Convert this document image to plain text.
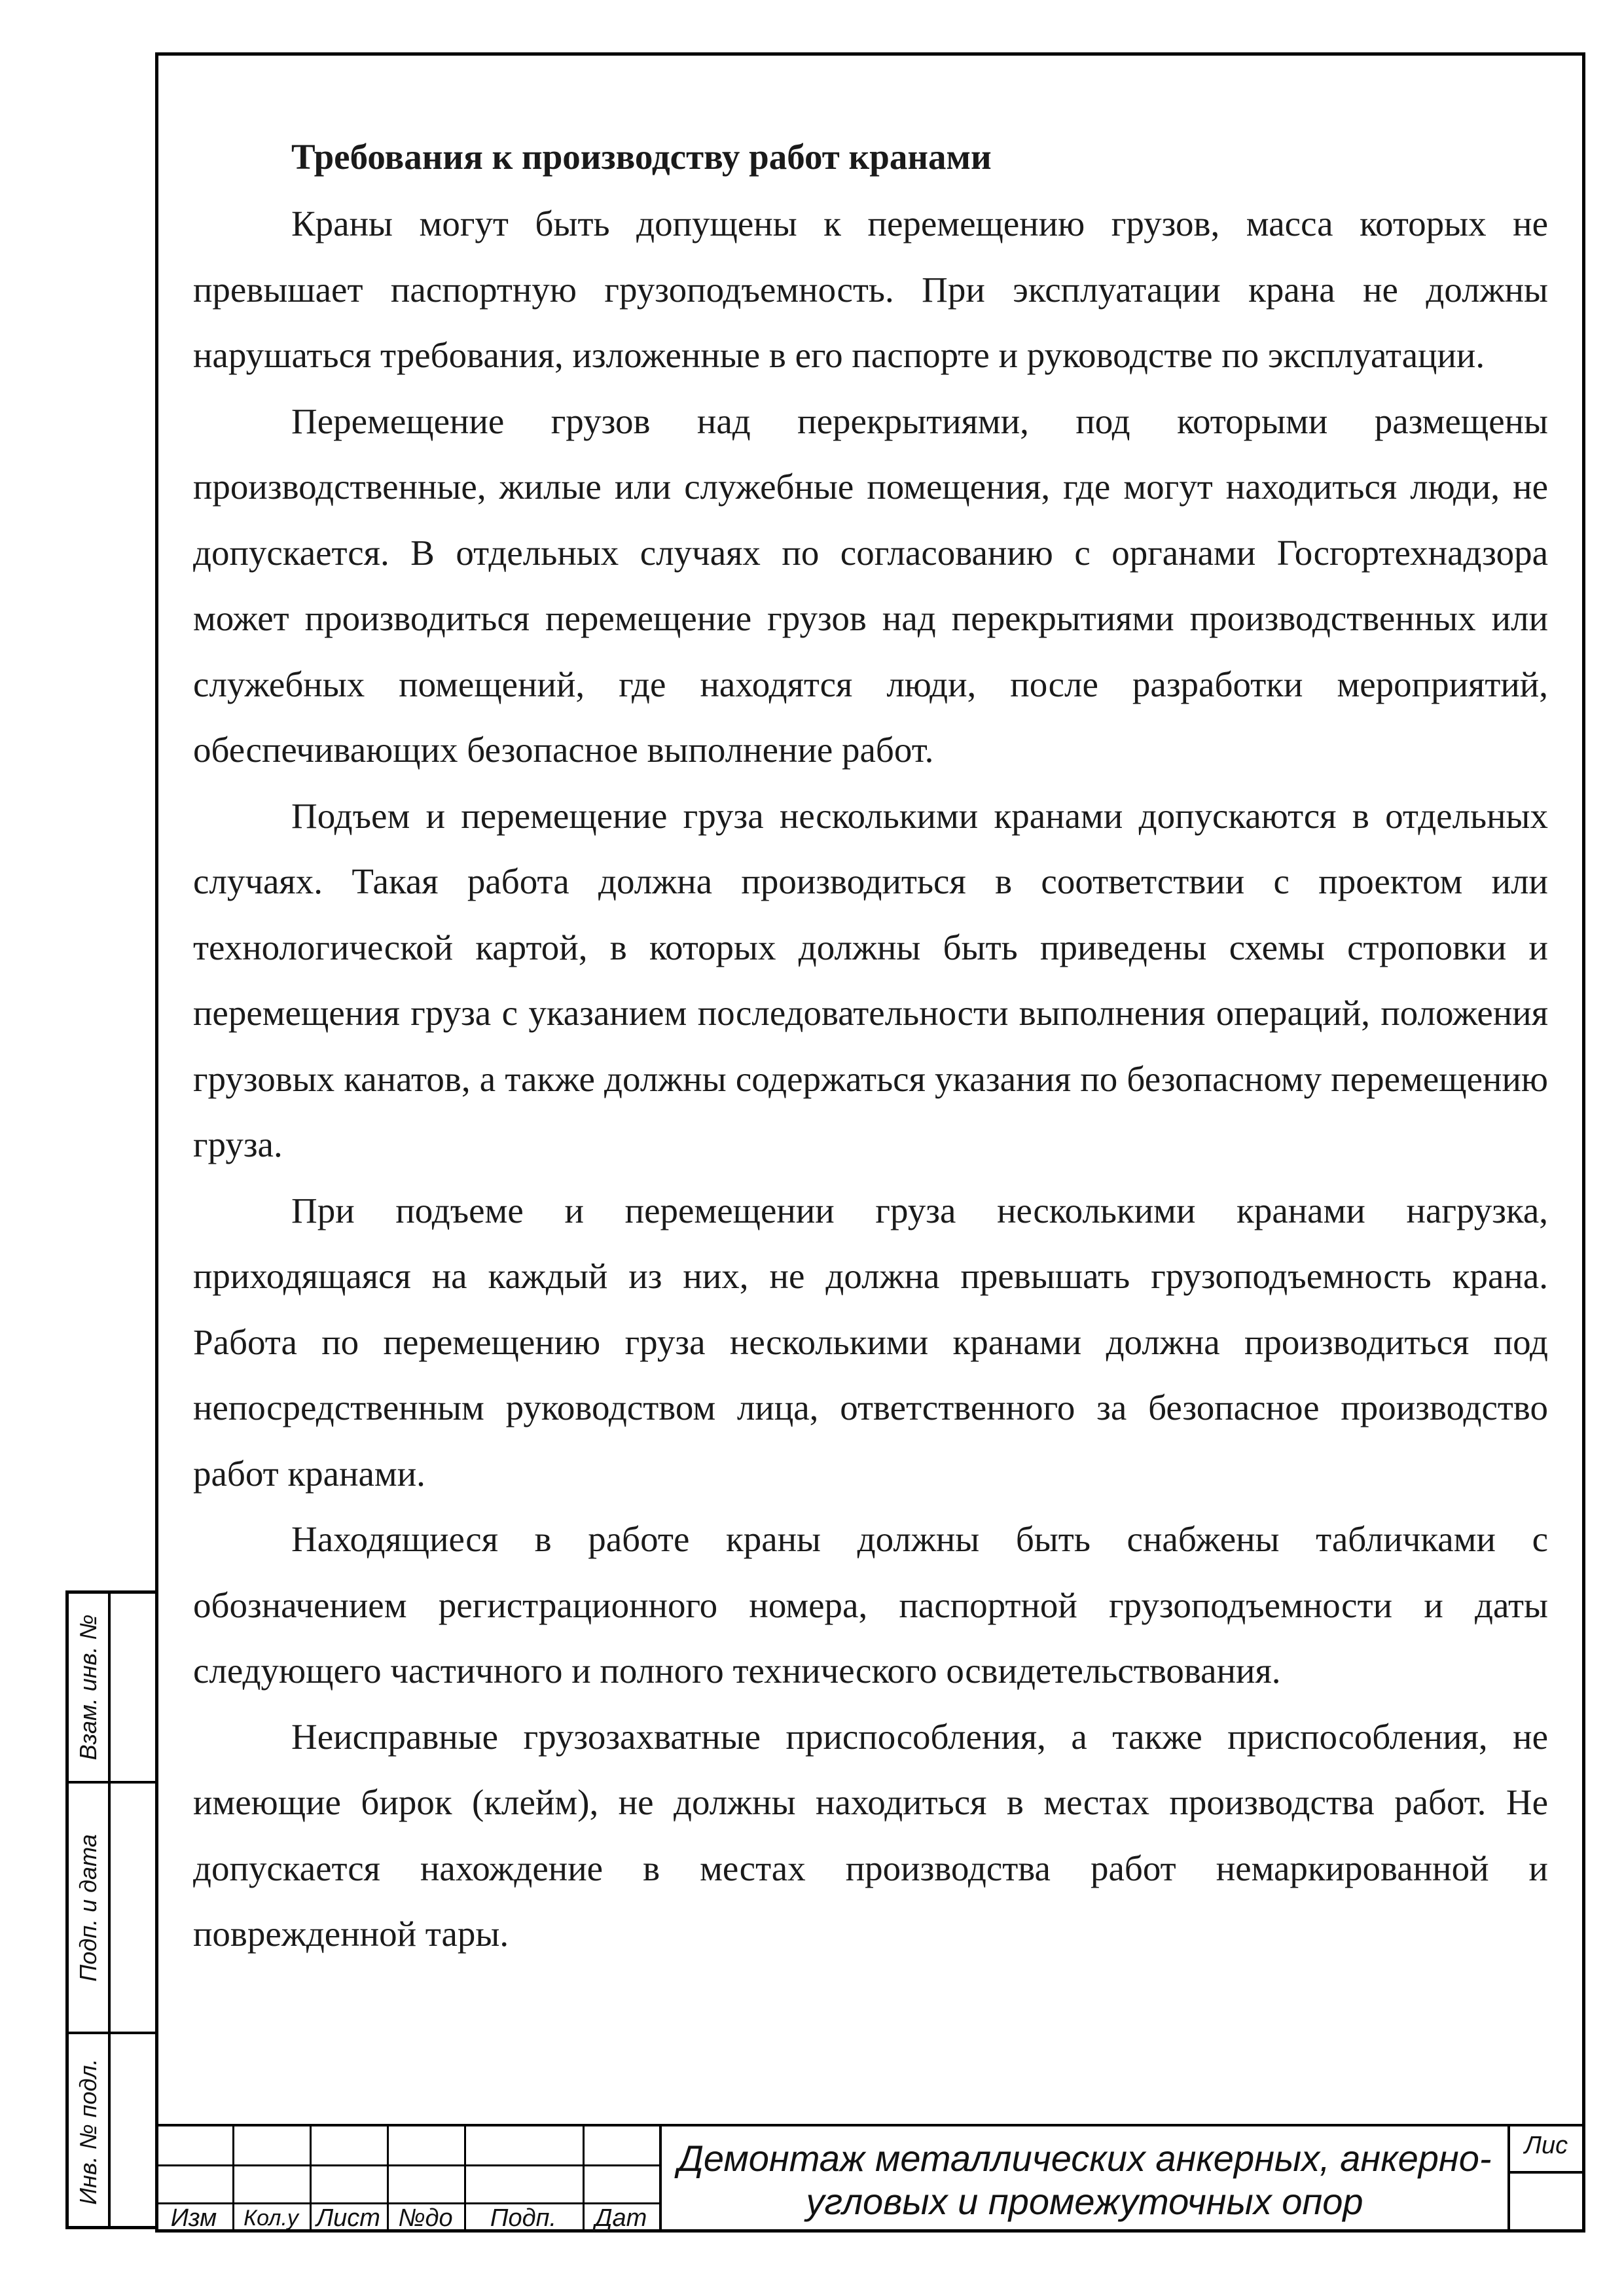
Требования к производству работ кранами

Краны могут быть допущены к перемещению грузов, масса которых не превышает паспортную грузоподъемность. При эксплуатации крана не должны нарушаться требования, изложенные в его паспорте и руководстве по эксплуатации.

Перемещение грузов над перекрытиями, под которыми размещены производственные, жилые или служебные помещения, где могут находиться люди, не допускается. В отдельных случаях по согласованию с органами Госгортехнадзора может производиться перемещение грузов над перекрытиями производственных или служебных помещений, где находятся люди, после разработки мероприятий, обеспечивающих безопасное выполнение работ.

Подъем и перемещение груза несколькими кранами допускаются в отдельных случаях. Такая работа должна производиться в соответствии с проектом или технологической картой, в которых должны быть приведены схемы строповки и перемещения груза с указанием последовательности выполнения операций, положения грузовых канатов, а также должны содержаться указания по безопасному перемещению груза.

При подъеме и перемещении груза несколькими кранами нагрузка, приходящаяся на каждый из них, не должна превышать грузоподъемность крана. Работа по перемещению груза несколькими кранами должна производиться под непосредственным руководством лица, ответственного за безопасное производство работ кранами.

Находящиеся в работе краны должны быть снабжены табличками с обозначением регистрационного номера, паспортной грузоподъемности и даты следующего частичного и полного технического освидетельствования.

Неисправные грузозахватные приспособления, а также приспособления, не имеющие бирок (клейм), не должны находиться в местах производства работ. Не допускается нахождение в местах производства работ немаркированной и поврежденной тары.

Взам. инв. №
Подп. и дата
Инв. № подл.
Изм	Кол.у Лист №до	Подп.	Дат
Демонтаж металлических анкерных, анкерно-
угловых и промежуточных опор
Лис
